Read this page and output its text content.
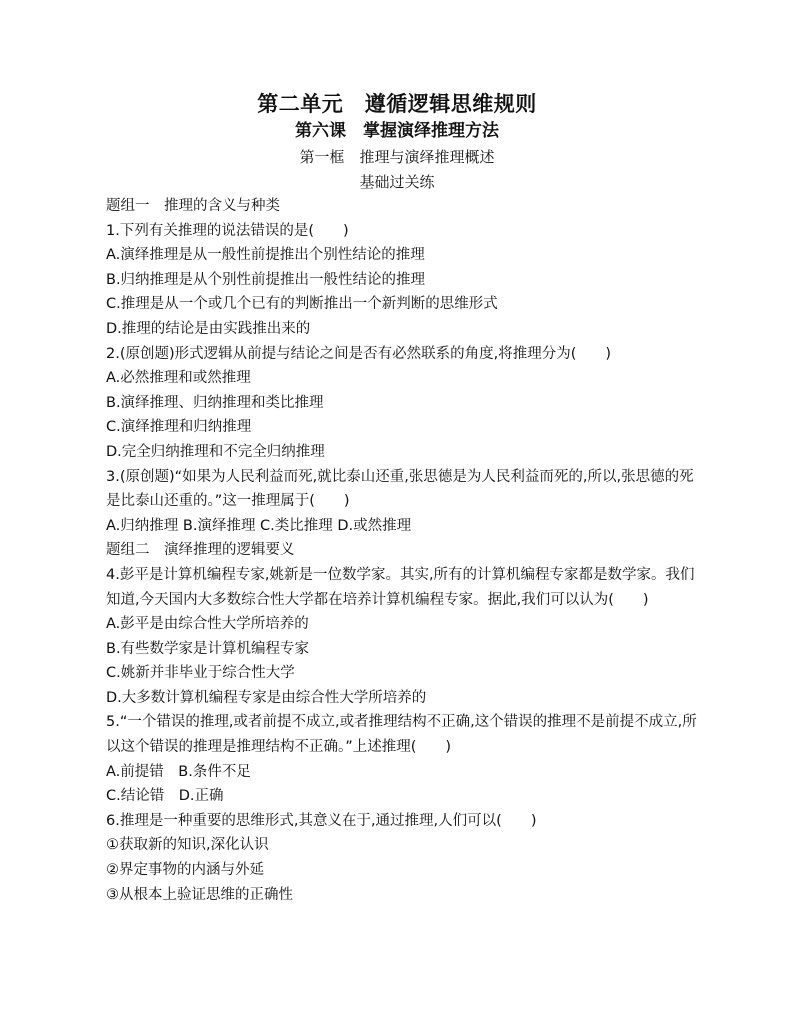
第二单元　遵循逻辑思维规则
第六课　掌握演绎推理方法
第一框　推理与演绎推理概述
基础过关练
题组一　推理的含义与种类
1.下列有关推理的说法错误的是(　　)
A.演绎推理是从一般性前提推出个别性结论的推理
B.归纳推理是从个别性前提推出一般性结论的推理
C.推理是从一个或几个已有的判断推出一个新判断的思维形式
D.推理的结论是由实践推出来的
2.(原创题)形式逻辑从前提与结论之间是否有必然联系的角度,将推理分为(　　)
A.必然推理和或然推理
B.演绎推理、归纳推理和类比推理
C.演绎推理和归纳推理
D.完全归纳推理和不完全归纳推理
3.(原创题)“如果为人民利益而死,就比泰山还重,张思德是为人民利益而死的,所以,张思德的死是比泰山还重的。”这一推理属于(　　)
A.归纳推理 B.演绎推理 C.类比推理 D.或然推理
题组二　演绎推理的逻辑要义
4.彭平是计算机编程专家,姚新是一位数学家。其实,所有的计算机编程专家都是数学家。我们知道,今天国内大多数综合性大学都在培养计算机编程专家。据此,我们可以认为(　　)
A.彭平是由综合性大学所培养的
B.有些数学家是计算机编程专家
C.姚新并非毕业于综合性大学
D.大多数计算机编程专家是由综合性大学所培养的
5.“一个错误的推理,或者前提不成立,或者推理结构不正确,这个错误的推理不是前提不成立,所以这个错误的推理是推理结构不正确。”上述推理(　　)
A.前提错　B.条件不足
C.结论错　D.正确
6.推理是一种重要的思维形式,其意义在于,通过推理,人们可以(　　)
①获取新的知识,深化认识
②界定事物的内涵与外延
③从根本上验证思维的正确性
